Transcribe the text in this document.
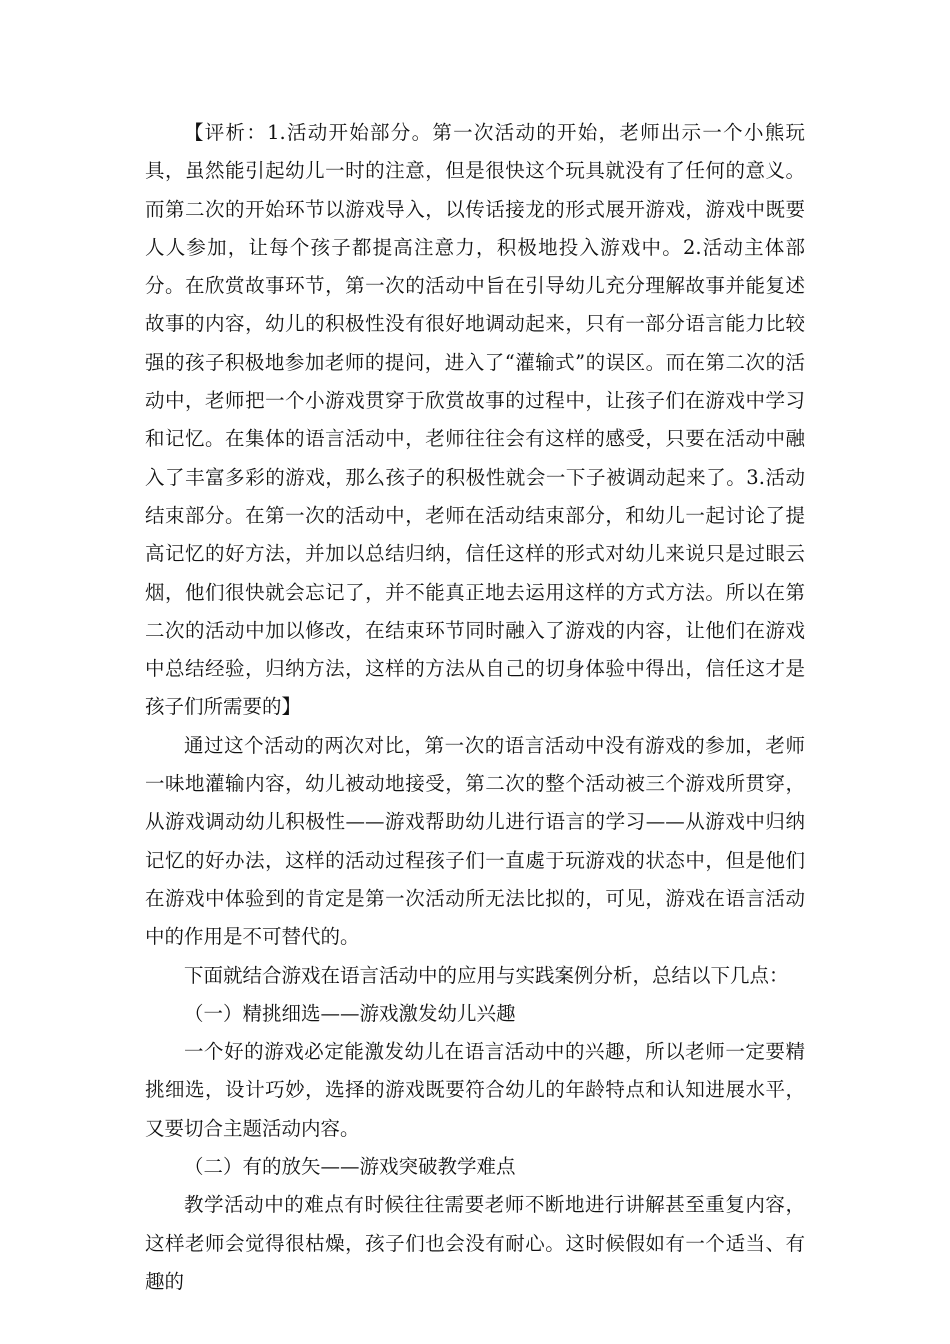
【评析：1.活动开始部分。第一次活动的开始，老师出示一个小熊玩具，虽然能引起幼儿一时的注意，但是很快这个玩具就没有了任何的意义。而第二次的开始环节以游戏导入，以传话接龙的形式展开游戏，游戏中既要人人参加，让每个孩子都提高注意力，积极地投入游戏中。2.活动主体部分。在欣赏故事环节，第一次的活动中旨在引导幼儿充分理解故事并能复述故事的内容，幼儿的积极性没有很好地调动起来，只有一部分语言能力比较强的孩子积极地参加老师的提问，进入了“灌输式”的误区。而在第二次的活动中，老师把一个小游戏贯穿于欣赏故事的过程中，让孩子们在游戏中学习和记忆。在集体的语言活动中，老师往往会有这样的感受，只要在活动中融入了丰富多彩的游戏，那么孩子的积极性就会一下子被调动起来了。3.活动结束部分。在第一次的活动中，老师在活动结束部分，和幼儿一起讨论了提高记忆的好方法，并加以总结归纳，信任这样的形式对幼儿来说只是过眼云烟，他们很快就会忘记了，并不能真正地去运用这样的方式方法。所以在第二次的活动中加以修改，在结束环节同时融入了游戏的内容，让他们在游戏中总结经验，归纳方法，这样的方法从自己的切身体验中得出，信任这才是孩子们所需要的】

通过这个活动的两次对比，第一次的语言活动中没有游戏的参加，老师一味地灌输内容，幼儿被动地接受，第二次的整个活动被三个游戏所贯穿，从游戏调动幼儿积极性——游戏帮助幼儿进行语言的学习——从游戏中归纳记忆的好办法，这样的活动过程孩子们一直處于玩游戏的状态中，但是他们在游戏中体验到的肯定是第一次活动所无法比拟的，可见，游戏在语言活动中的作用是不可替代的。

下面就结合游戏在语言活动中的应用与实践案例分析，总结以下几点：

（一）精挑细选——游戏激发幼儿兴趣

一个好的游戏必定能激发幼儿在语言活动中的兴趣，所以老师一定要精挑细选，设计巧妙，选择的游戏既要符合幼儿的年龄特点和认知进展水平，又要切合主题活动内容。

（二）有的放矢——游戏突破教学难点

教学活动中的难点有时候往往需要老师不断地进行讲解甚至重复内容，这样老师会觉得很枯燥，孩子们也会没有耐心。这时候假如有一个适当、有趣的
